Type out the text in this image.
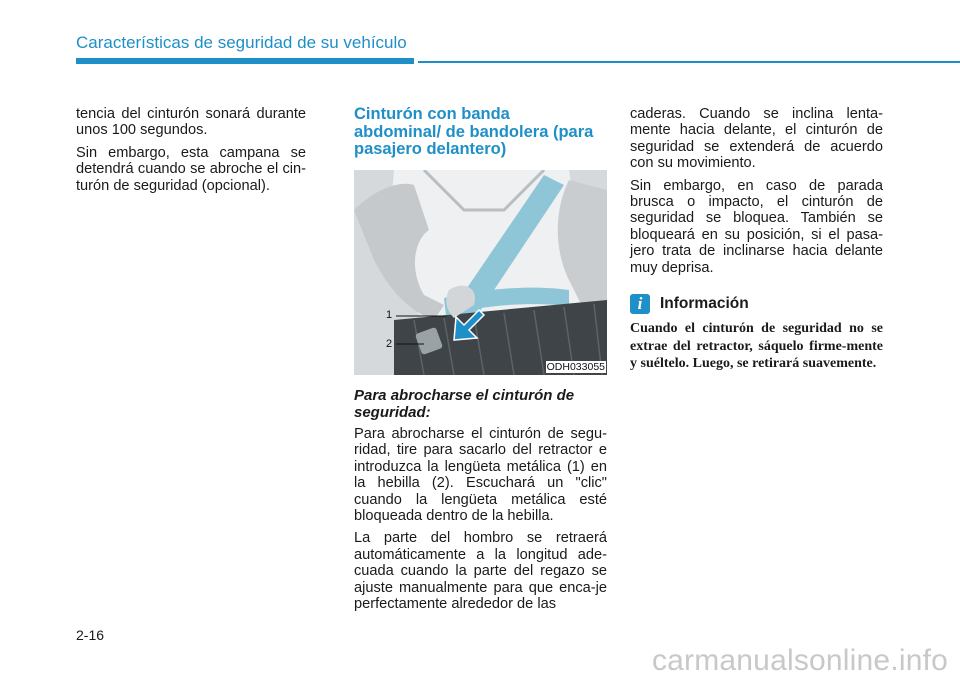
Características de seguridad de su vehículo

tencia del cinturón sonará durante unos 100 segundos.

Sin embargo, esta campana se detendrá cuando se abroche el cin-turón de seguridad (opcional).

Cinturón con banda abdominal/ de bandolera (para pasajero delantero)
1
2
ODH033055
Para abrocharse el cinturón de seguridad:

Para abrocharse el cinturón de segu-ridad, tire para sacarlo del retractor e introduzca la lengüeta metálica (1) en la hebilla (2). Escuchará un "clic" cuando la lengüeta metálica esté bloqueada dentro de la hebilla.

La parte del hombro se retraerá automáticamente a la longitud ade-cuada cuando la parte del regazo se ajuste manualmente para que enca-je perfectamente alrededor de las

caderas. Cuando se inclina lenta-mente hacia delante, el cinturón de seguridad se extenderá de acuerdo con su movimiento.

Sin embargo, en caso de parada brusca o impacto, el cinturón de seguridad se bloquea. También se bloqueará en su posición, si el pasa-jero trata de inclinarse hacia delante muy deprisa.

i	Información
Cuando el cinturón de seguridad no se extrae del retractor, sáquelo firme-mente y suéltelo. Luego, se retirará suavemente.
2-16
carmanualsonline.info
